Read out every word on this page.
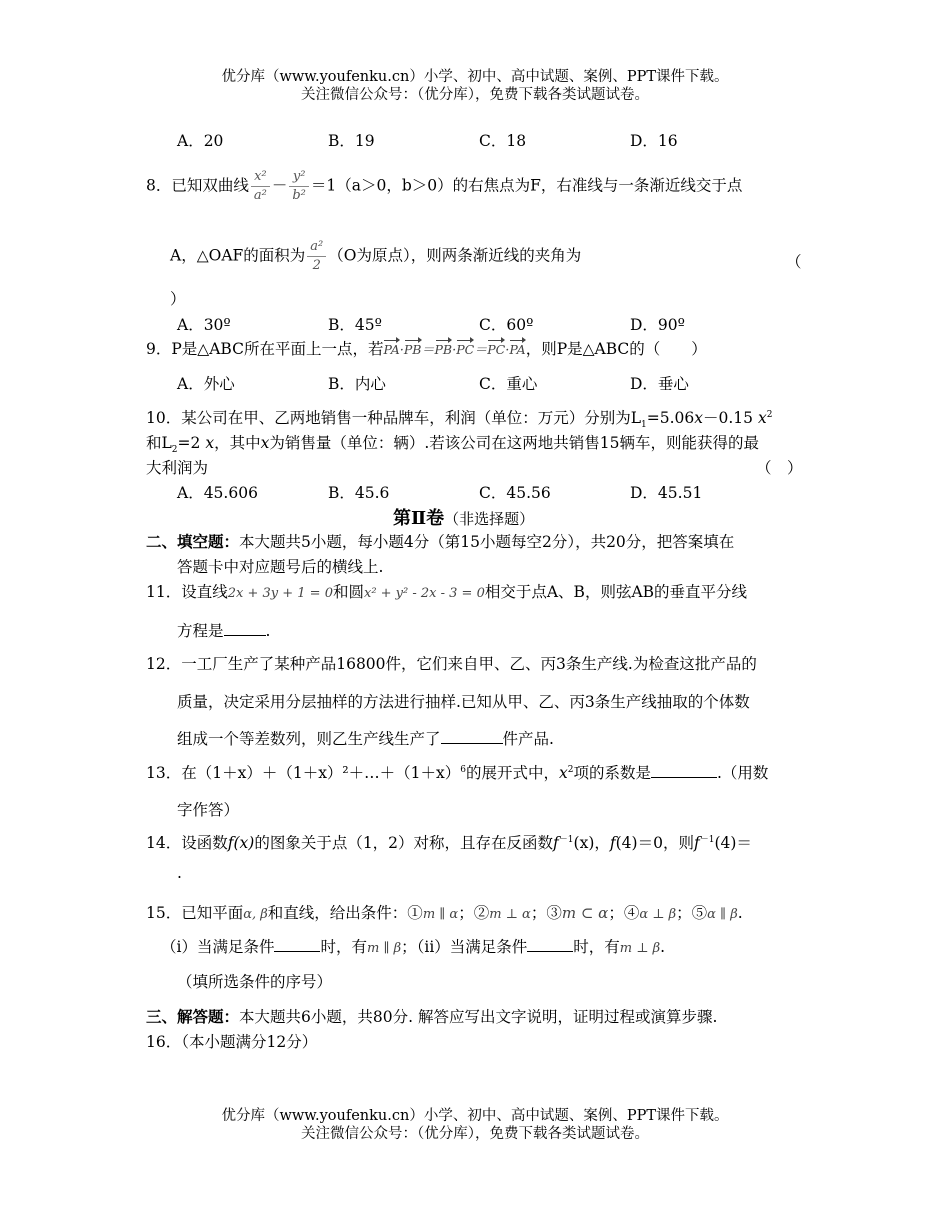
优分库（www.youfenku.cn）小学、初中、高中试题、案例、PPT课件下载。
关注微信公众号：（优分库），免费下载各类试题试卷。
A．20	B．19	C．18	D．16
8．已知双曲线 $\frac{\text{x²}}{\text{a²}} - \frac{\text{y²}}{\text{b²}} =1(a>0$，b＞0）的右焦点为F，右准线与一条渐近线交于点
A，△OAF的面积为 $\frac{\text{a²}}{2} (O$为原点），则两条渐近线的夹角为	（
）
A．30º	B．45º	C．60º	D．90º
9．P是△ABC所在平面上一点，若PA·PB＝PB·PC＝PC·PA，则P是△ABC的（　　）
A．外心	B．内心	C．重心	D．垂心
10．某公司在甲、乙两地销售一种品牌车，利润（单位：万元）分别为$L_1=5.06x-0.15$ $x^2$
和$L_2=2$ x，其中x为销售量（单位：辆）.若该公司在这两地共销售15辆车，则能获得的最
大利润为	（　）
A．45.606	B．45.6	C．45.56	D．45.51
第Ⅱ卷（非选择题）
二、填空题：本大题共5小题，每小题4分（第15小题每空2分），共20分，把答案填在
答题卡中对应题号后的横线上.
11．设直线2x + 3y + 1 = 0和圆x² + y² - 2x - 3 = 0相交于点A、B，则弦AB的垂直平分线
方程是	.
12．一工厂生产了某种产品16800件，它们来自甲、乙、丙3条生产线.为检查这批产品的
质量，决定采用分层抽样的方法进行抽样.已知从甲、乙、丙3条生产线抽取的个体数
组成一个等差数列，则乙生产线生产了	件产品.
13．在$(1+x)+(1+x)^2+\dots+(1+x)^6$的展开式中，$x^2$项的系数是	.（用数
字作答）
14．设函数f(x)的图象关于点（1，2）对称，且存在反函数$f^{-1}(x)$，f(4)＝0，则$f^{-1}(4)=$
.
15．已知平面α, β和直线，给出条件：①m ∥ α；②m ⊥ α；③m ⊂ α；④α ⊥ β；⑤α ∥ β.
（i）当满足条件	时，有m ∥ β；（ii）当满足条件	时，有m ⊥ β.
（填所选条件的序号）
三、解答题：本大题共6小题，共80分. 解答应写出文字说明，证明过程或演算步骤.
16．（本小题满分12分）
优分库（www.youfenku.cn）小学、初中、高中试题、案例、PPT课件下载。
关注微信公众号：（优分库），免费下载各类试题试卷。
